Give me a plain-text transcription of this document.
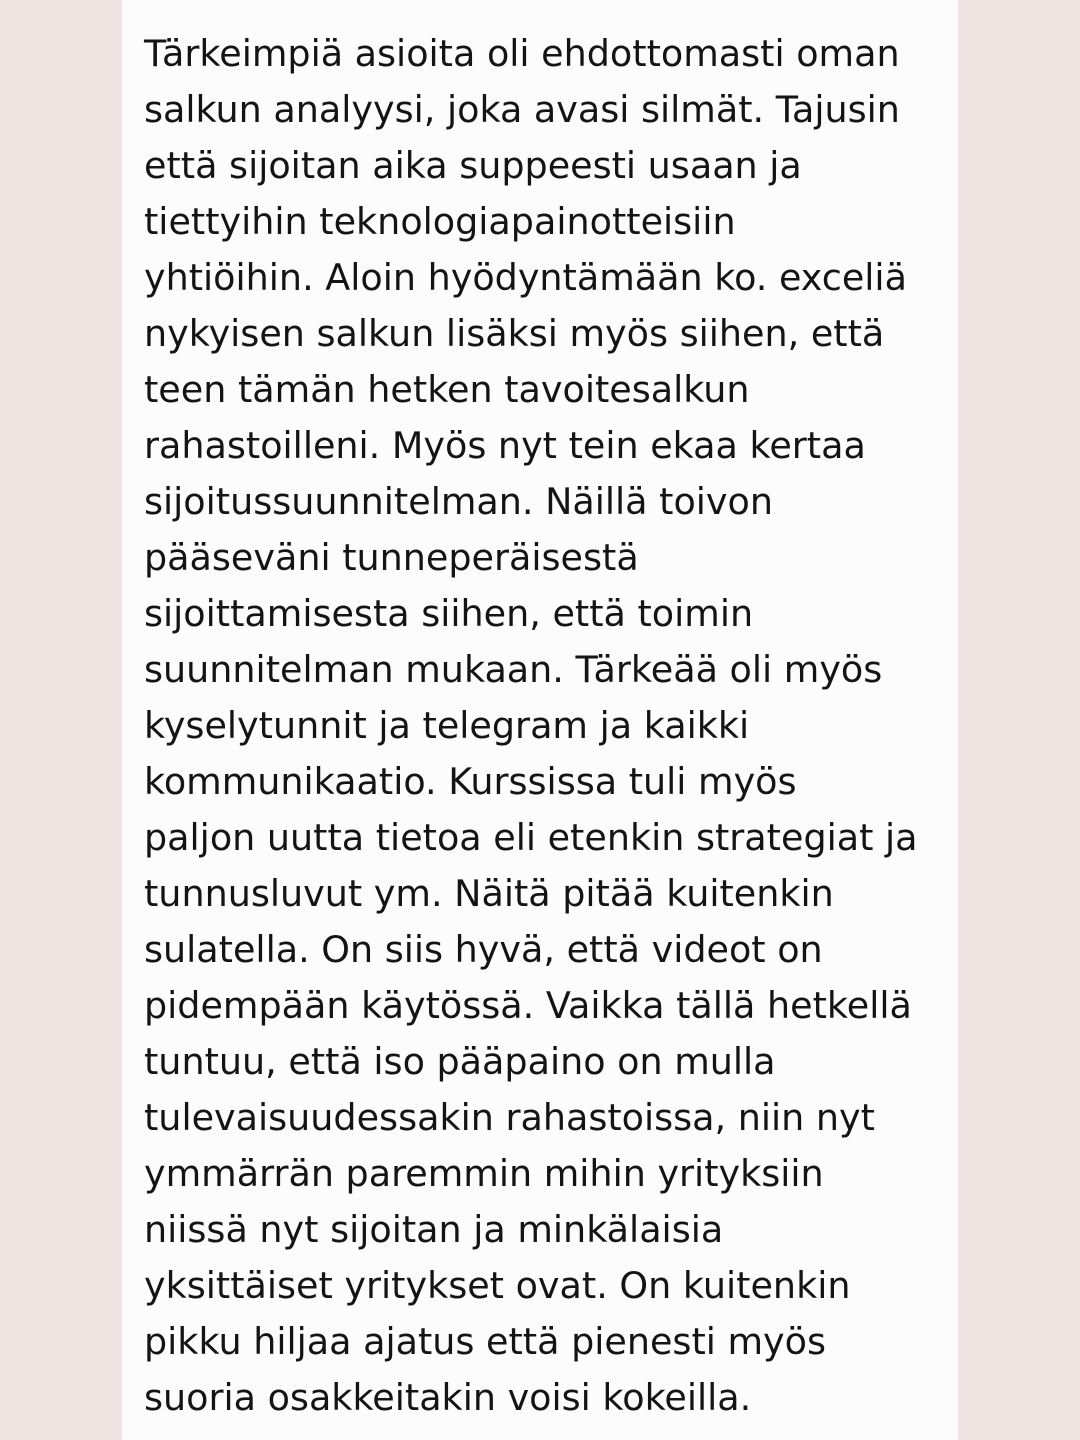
Tärkeimpiä asioita oli ehdottomasti oman
salkun analyysi, joka avasi silmät. Tajusin
että sijoitan aika suppeesti usaan ja
tiettyihin teknologiapainotteisiin
yhtiöihin. Aloin hyödyntämään ko. exceliä
nykyisen salkun lisäksi myös siihen, että
teen tämän hetken tavoitesalkun
rahastoilleni. Myös nyt tein ekaa kertaa
sijoitussuunnitelman. Näillä toivon
pääseväni tunneperäisestä
sijoittamisesta siihen, että toimin
suunnitelman mukaan. Tärkeää oli myös
kyselytunnit ja telegram ja kaikki
kommunikaatio. Kurssissa tuli myös
paljon uutta tietoa eli etenkin strategiat ja
tunnusluvut ym. Näitä pitää kuitenkin
sulatella. On siis hyvä, että videot on
pidempään käytössä. Vaikka tällä hetkellä
tuntuu, että iso pääpaino on mulla
tulevaisuudessakin rahastoissa, niin nyt
ymmärrän paremmin mihin yrityksiin
niissä nyt sijoitan ja minkälaisia
yksittäiset yritykset ovat. On kuitenkin
pikku hiljaa ajatus että pienesti myös
suoria osakkeitakin voisi kokeilla.
